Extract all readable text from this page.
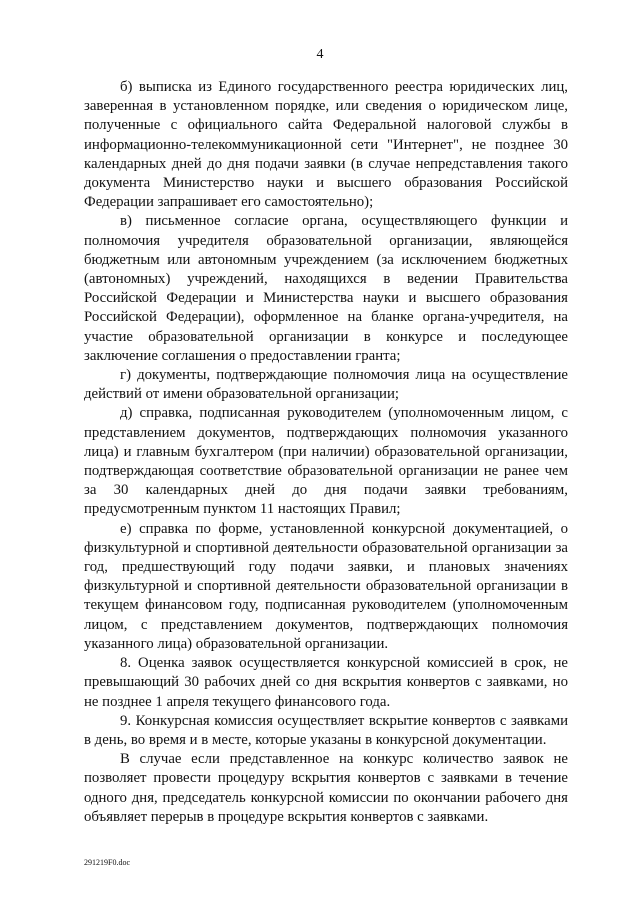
4

б) выписка из Единого государственного реестра юридических лиц, заверенная в установленном порядке, или сведения о юридическом лице, полученные с официального сайта Федеральной налоговой службы в информационно-телекоммуникационной сети "Интернет", не позднее 30 календарных дней до дня подачи заявки (в случае непредставления такого документа Министерство науки и высшего образования Российской Федерации запрашивает его самостоятельно);

в) письменное согласие органа, осуществляющего функции и полномочия учредителя образовательной организации, являющейся бюджетным или автономным учреждением (за исключением бюджетных (автономных) учреждений, находящихся в ведении Правительства Российской Федерации и Министерства науки и высшего образования Российской Федерации), оформленное на бланке органа-учредителя, на участие образовательной организации в конкурсе и последующее заключение соглашения о предоставлении гранта;

г) документы, подтверждающие полномочия лица на осуществление действий от имени образовательной организации;

д) справка, подписанная руководителем (уполномоченным лицом, с представлением документов, подтверждающих полномочия указанного лица) и главным бухгалтером (при наличии) образовательной организации, подтверждающая соответствие образовательной организации не ранее чем за 30 календарных дней до дня подачи заявки требованиям, предусмотренным пунктом 11 настоящих Правил;

е) справка по форме, установленной конкурсной документацией, о физкультурной и спортивной деятельности образовательной организации за год, предшествующий году подачи заявки, и плановых значениях физкультурной и спортивной деятельности образовательной организации в текущем финансовом году, подписанная руководителем (уполномоченным лицом, с представлением документов, подтверждающих полномочия указанного лица) образовательной организации.

8. Оценка заявок осуществляется конкурсной комиссией в срок, не превышающий 30 рабочих дней со дня вскрытия конвертов с заявками, но не позднее 1 апреля текущего финансового года.

9. Конкурсная комиссия осуществляет вскрытие конвертов с заявками в день, во время и в месте, которые указаны в конкурсной документации.

В случае если представленное на конкурс количество заявок не позволяет провести процедуру вскрытия конвертов с заявками в течение одного дня, председатель конкурсной комиссии по окончании рабочего дня объявляет перерыв в процедуре вскрытия конвертов с заявками.

291219F0.doc
